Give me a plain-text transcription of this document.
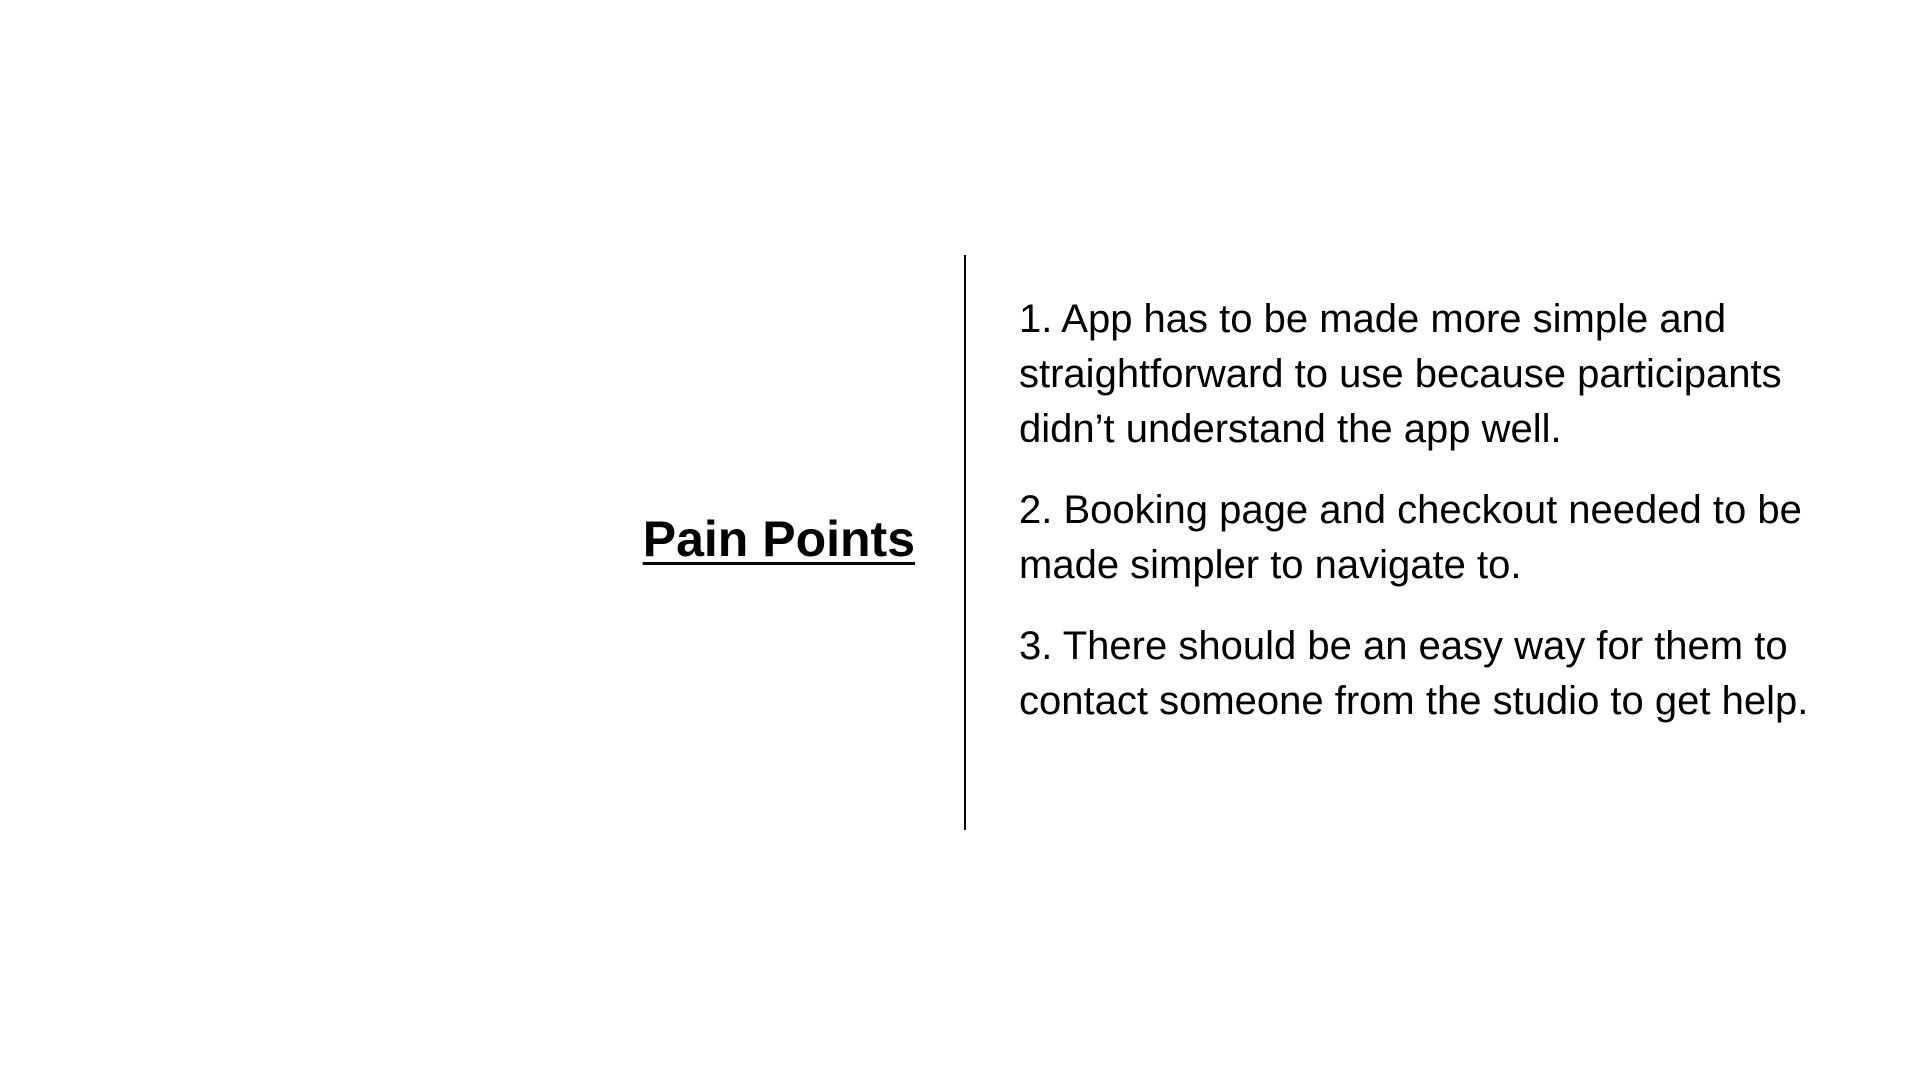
Pain Points

1. App has to be made more simple and straightforward to use because participants didn’t understand the app well.

2. Booking page and checkout needed to be made simpler to navigate to.

3. There should be an easy way for them to contact someone from the studio to get help.
